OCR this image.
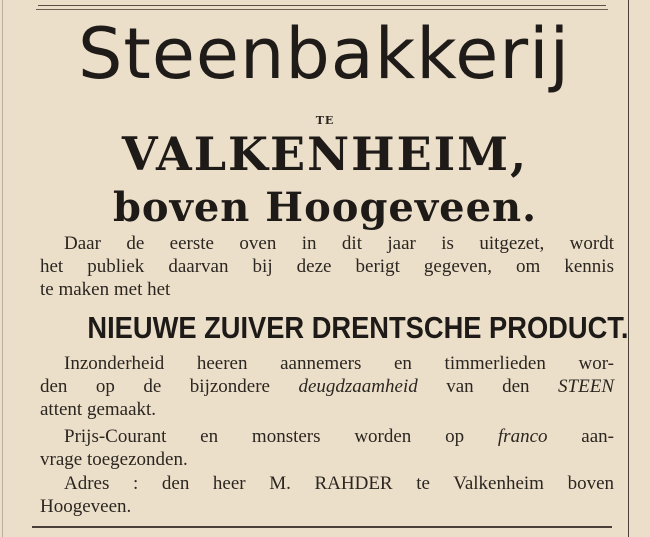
Steenbakkerij
TE
VALKENHEIM,
boven Hoogeveen.
Daar de eerste oven in dit jaar is uitgezet, wordt
het publiek daarvan bij deze berigt gegeven, om kennis
te maken met het
NIEUWE ZUIVER DRENTSCHE PRODUCT.
Inzonderheid heeren aannemers en timmerlieden wor-
den op de bijzondere deugdzaamheid van den STEEN
attent gemaakt.
Prijs-Courant en monsters worden op franco aan-
vrage toegezonden.
Adres : den heer M. RAHDER te Valkenheim boven
Hoogeveen.
